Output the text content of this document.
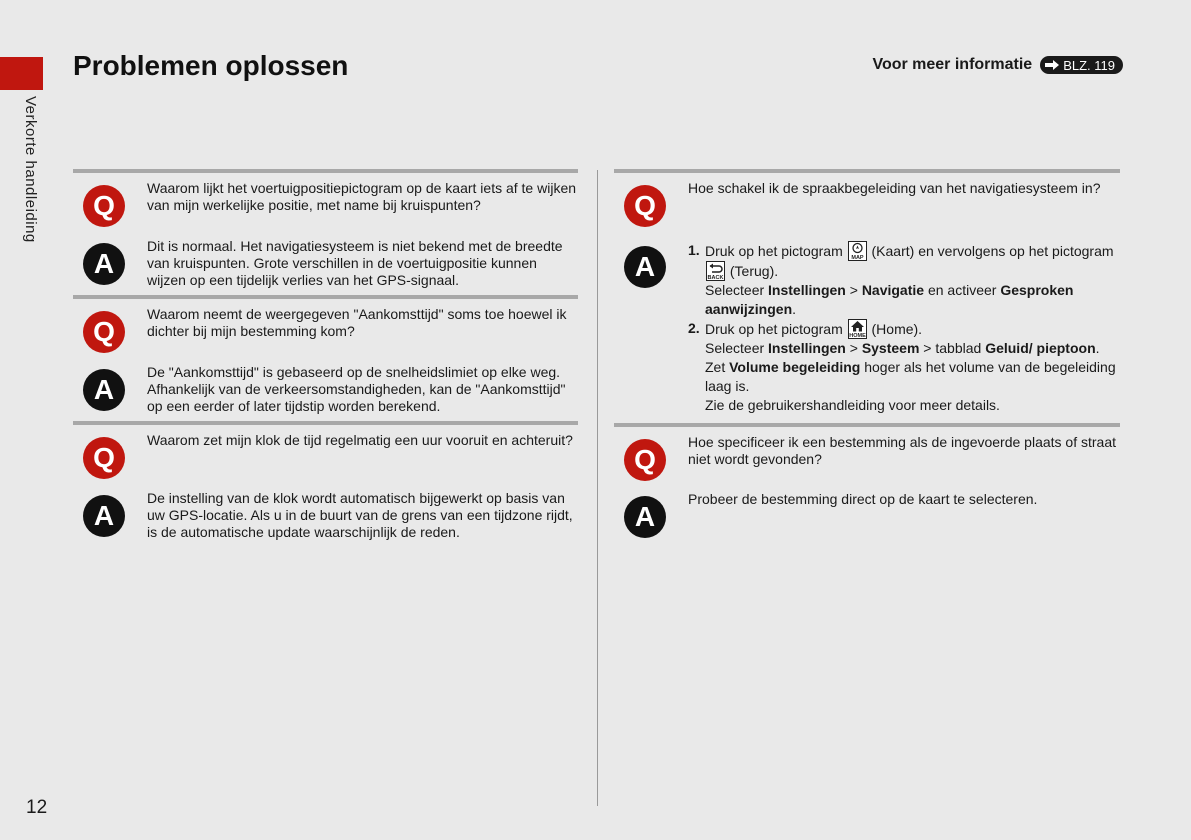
Verkorte handleiding
Problemen oplossen	Voor meer informatie BLZ. 119
Q
Waarom lijkt het voertuigpositiepictogram op de kaart iets af te wijken van mijn werkelijke positie, met name bij kruispunten?
A
Dit is normaal. Het navigatiesysteem is niet bekend met de breedte van kruispunten. Grote verschillen in de voertuigpositie kunnen wijzen op een tijdelijk verlies van het GPS-signaal.
Q
Waarom neemt de weergegeven "Aankomsttijd" soms toe hoewel ik dichter bij mijn bestemming kom?
A
De "Aankomsttijd" is gebaseerd op de snelheidslimiet op elke weg. Afhankelijk van de verkeersomstandigheden, kan de "Aankomsttijd" op een eerder of later tijdstip worden berekend.
Q
Waarom zet mijn klok de tijd regelmatig een uur vooruit en achteruit?
A
De instelling van de klok wordt automatisch bijgewerkt op basis van uw GPS-locatie. Als u in de buurt van de grens van een tijdzone rijdt, is de automatische update waarschijnlijk de reden.
Q
Hoe schakel ik de spraakbegeleiding van het navigatiesysteem in?
A
1. Druk op het pictogram MAP (Kaart) en vervolgens op het pictogram
BACK (Terug).
Selecteer Instellingen > Navigatie en activeer Gesproken aanwijzingen.
2. Druk op het pictogram HOME (Home).
Selecteer Instellingen > Systeem > tabblad Geluid/ pieptoon.
Zet Volume begeleiding hoger als het volume van de begeleiding laag is.
Zie de gebruikershandleiding voor meer details.
Q
Hoe specificeer ik een bestemming als de ingevoerde plaats of straat niet wordt gevonden?
A
Probeer de bestemming direct op de kaart te selecteren.
12
